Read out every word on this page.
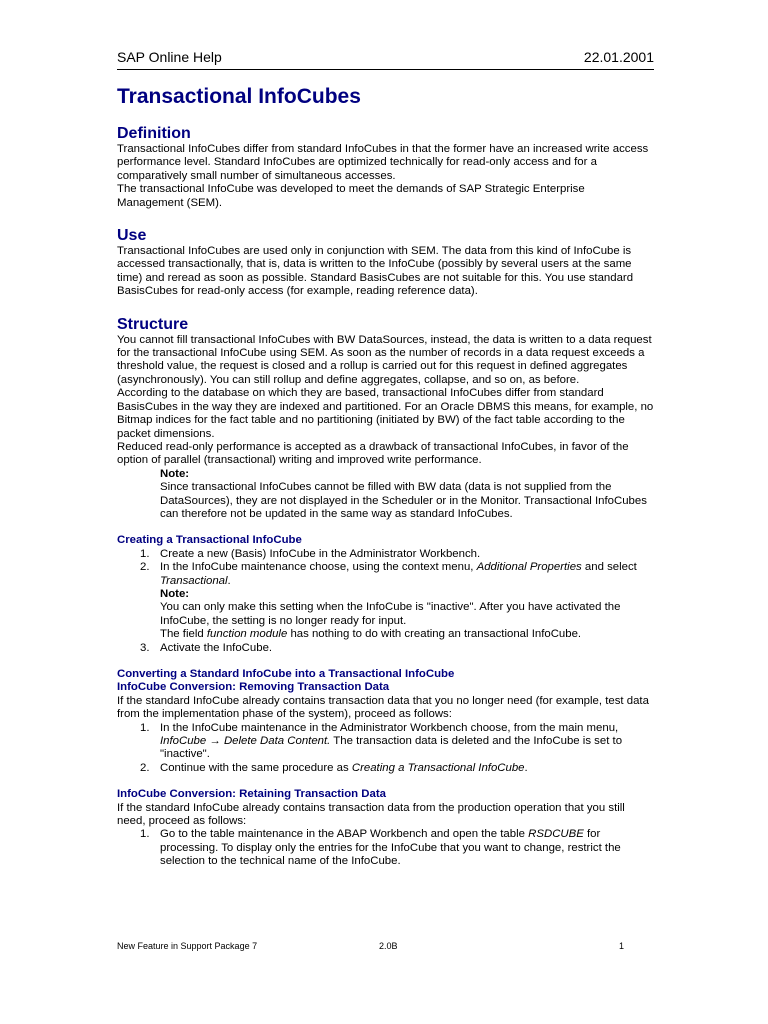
SAP Online Help	22.01.2001
Transactional InfoCubes
Definition

Transactional InfoCubes differ from standard InfoCubes in that the former have an increased write access performance level. Standard InfoCubes are optimized technically for read-only access and for a comparatively small number of simultaneous accesses.

The transactional InfoCube was developed to meet the demands of SAP Strategic Enterprise Management (SEM).

Use

Transactional InfoCubes are used only in conjunction with SEM. The data from this kind of InfoCube is accessed transactionally, that is, data is written to the InfoCube (possibly by several users at the same time) and reread as soon as possible. Standard BasisCubes are not suitable for this. You use standard BasisCubes for read-only access (for example, reading reference data).

Structure

You cannot fill transactional InfoCubes with BW DataSources, instead, the data is written to a data request for the transactional InfoCube using SEM. As soon as the number of records in a data request exceeds a threshold value, the request is closed and a rollup is carried out for this request in defined aggregates (asynchronously). You can still rollup and define aggregates, collapse, and so on, as before.

According to the database on which they are based, transactional InfoCubes differ from standard BasisCubes in the way they are indexed and partitioned. For an Oracle DBMS this means, for example, no Bitmap indices for the fact table and no partitioning (initiated by BW) of the fact table according to the packet dimensions.

Reduced read-only performance is accepted as a drawback of transactional InfoCubes, in favor of the option of parallel (transactional) writing and improved write performance.

Note:
Since transactional InfoCubes cannot be filled with BW data (data is not supplied from the DataSources), they are not displayed in the Scheduler or in the Monitor. Transactional InfoCubes can therefore not be updated in the same way as standard InfoCubes.
Creating a Transactional InfoCube
1. Create a new (Basis) InfoCube in the Administrator Workbench.
2. In the InfoCube maintenance choose, using the context menu, Additional Properties and select Transactional.
Note:
You can only make this setting when the InfoCube is "inactive". After you have activated the InfoCube, the setting is no longer ready for input.
The field function module has nothing to do with creating an transactional InfoCube.
3. Activate the InfoCube.
Converting a Standard InfoCube into a Transactional InfoCube
InfoCube Conversion: Removing Transaction Data

If the standard InfoCube already contains transaction data that you no longer need (for example, test data from the implementation phase of the system), proceed as follows:

1. In the InfoCube maintenance in the Administrator Workbench choose, from the main menu, InfoCube → Delete Data Content. The transaction data is deleted and the InfoCube is set to "inactive".
2. Continue with the same procedure as Creating a Transactional InfoCube.
InfoCube Conversion: Retaining Transaction Data

If the standard InfoCube already contains transaction data from the production operation that you still need, proceed as follows:

1. Go to the table maintenance in the ABAP Workbench and open the table RSDCUBE for processing. To display only the entries for the InfoCube that you want to change, restrict the selection to the technical name of the InfoCube.
New Feature in Support Package 7	2.0B	1
